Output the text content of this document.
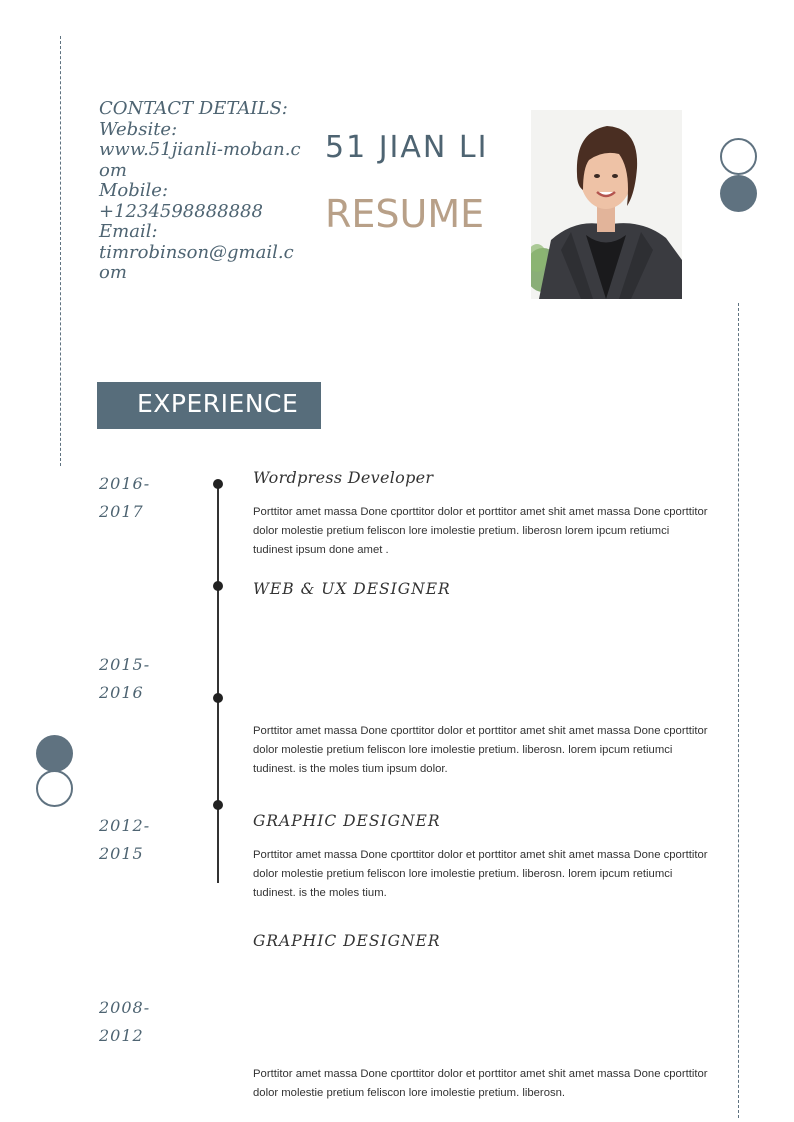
CONTACT DETAILS:
Website:
www.51jianli-moban.com
Mobile:
+1234598888888
Email:
timrobinson@gmail.com
51 JIAN LI
RESUME
EXPERIENCE
2016-
2017
Wordpress Developer
Porttitor amet massa Done cporttitor dolor et porttitor amet shit amet massa Done cporttitor dolor molestie pretium feliscon lore imolestie pretium. liberosn lorem ipcum retiumci tudinest ipsum done amet .
WEB & UX DESIGNER
2015-
2016
Porttitor amet massa Done cporttitor dolor et porttitor amet shit amet massa Done cporttitor dolor molestie pretium feliscon lore imolestie pretium. liberosn. lorem ipcum retiumci tudinest. is the moles tium ipsum dolor.
2012-
2015
GRAPHIC DESIGNER
Porttitor amet massa Done cporttitor dolor et porttitor amet shit amet massa Done cporttitor dolor molestie pretium feliscon lore imolestie pretium. liberosn. lorem ipcum retiumci tudinest. is the moles tium.
GRAPHIC DESIGNER
2008-
2012
Porttitor amet massa Done cporttitor dolor et porttitor amet shit amet massa Done cporttitor dolor molestie pretium feliscon lore imolestie pretium. liberosn.
